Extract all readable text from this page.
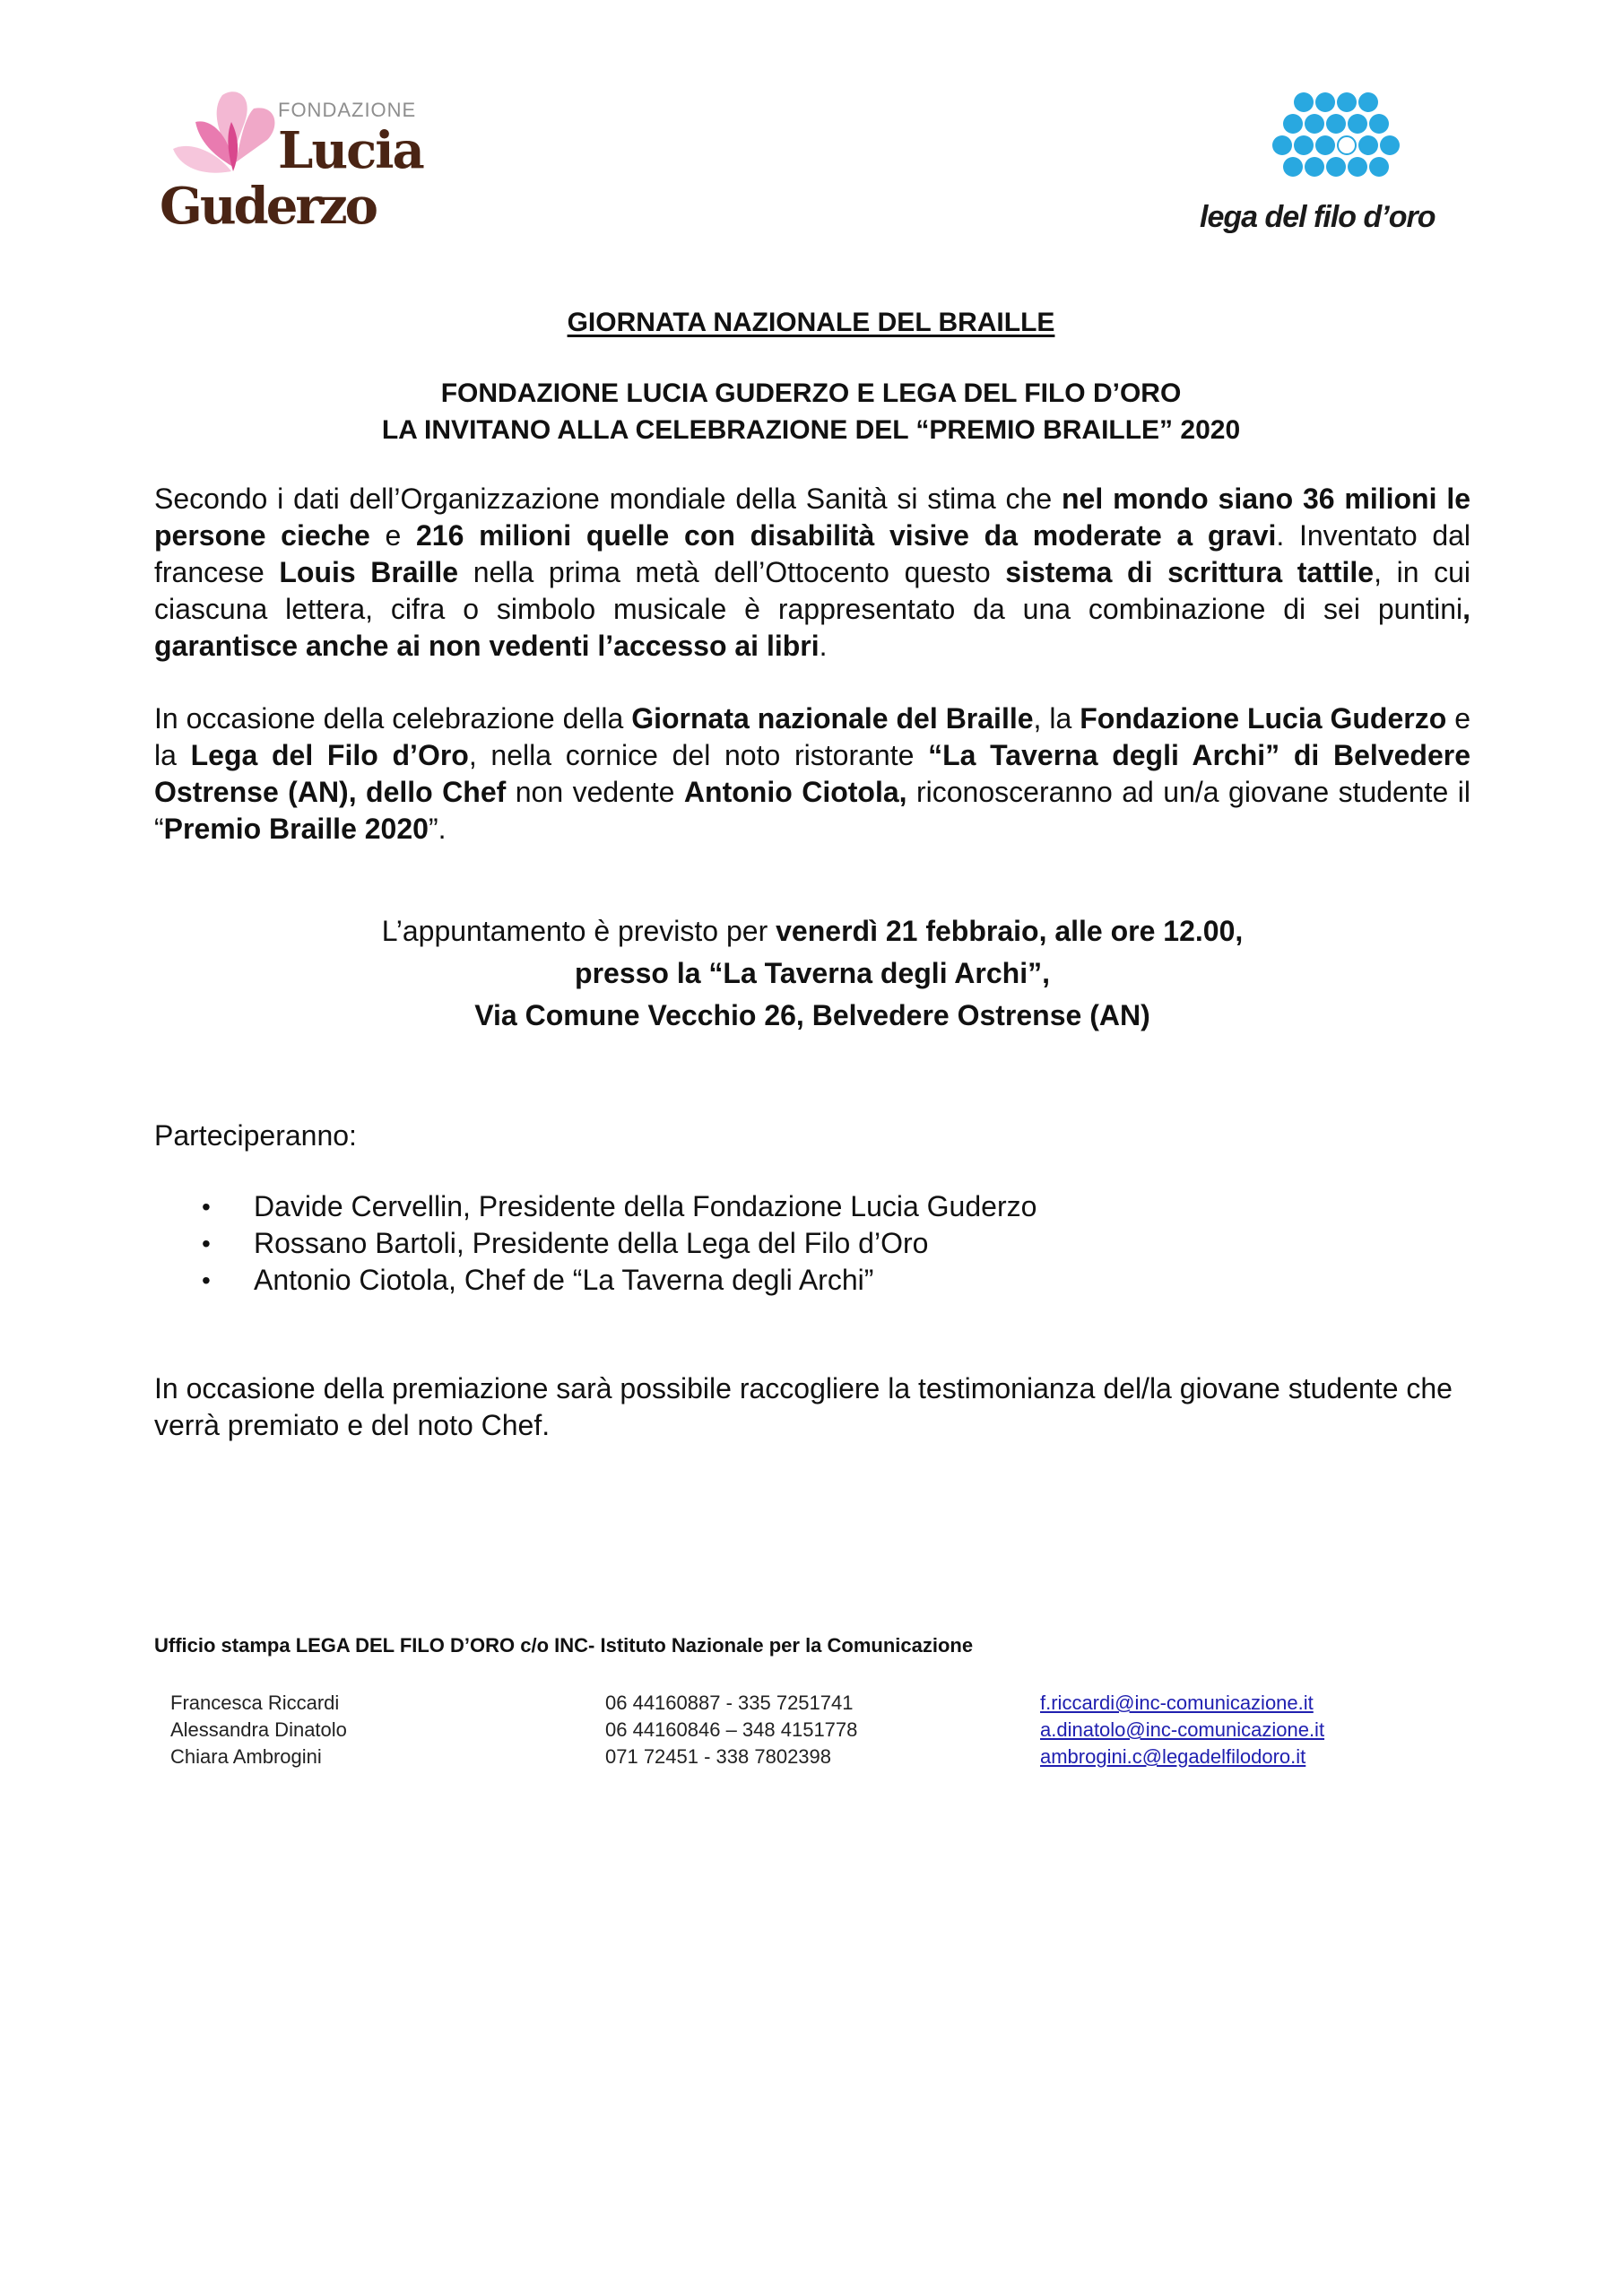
FONDAZIONE
Lucia
Guderzo	lega del filo d’oro
GIORNATA NAZIONALE DEL BRAILLE
FONDAZIONE LUCIA GUDERZO E LEGA DEL FILO D’ORO
LA INVITANO ALLA CELEBRAZIONE DEL “PREMIO BRAILLE” 2020
Secondo i dati dell’Organizzazione mondiale della Sanità si stima che nel mondo siano 36 milioni le persone cieche e 216 milioni quelle con disabilità visive da moderate a gravi. Inventato dal francese Louis Braille nella prima metà dell’Ottocento questo sistema di scrittura tattile, in cui ciascuna lettera, cifra o simbolo musicale è rappresentato da una combinazione di sei puntini, garantisce anche ai non vedenti l’accesso ai libri.
In occasione della celebrazione della Giornata nazionale del Braille, la Fondazione Lucia Guderzo e la Lega del Filo d’Oro, nella cornice del noto ristorante “La Taverna degli Archi” di Belvedere Ostrense (AN), dello Chef non vedente Antonio Ciotola, riconosceranno ad un/a giovane studente il “Premio Braille 2020”.
L’appuntamento è previsto per venerdì 21 febbraio, alle ore 12.00,
presso la “La Taverna degli Archi”,
Via Comune Vecchio 26, Belvedere Ostrense (AN)
Parteciperanno:
• Davide Cervellin, Presidente della Fondazione Lucia Guderzo
• Rossano Bartoli, Presidente della Lega del Filo d’Oro
• Antonio Ciotola, Chef de “La Taverna degli Archi”
In occasione della premiazione sarà possibile raccogliere la testimonianza del/la giovane studente che verrà premiato e del noto Chef.
Ufficio stampa LEGA DEL FILO D’ORO c/o INC- Istituto Nazionale per la Comunicazione
Francesca Riccardi
Alessandra Dinatolo
Chiara Ambrogini
06 44160887 - 335 7251741
06 44160846 – 348 4151778
071 72451 - 338 7802398
f.riccardi@inc-comunicazione.it
a.dinatolo@inc-comunicazione.it
ambrogini.c@legadelfilodoro.it
